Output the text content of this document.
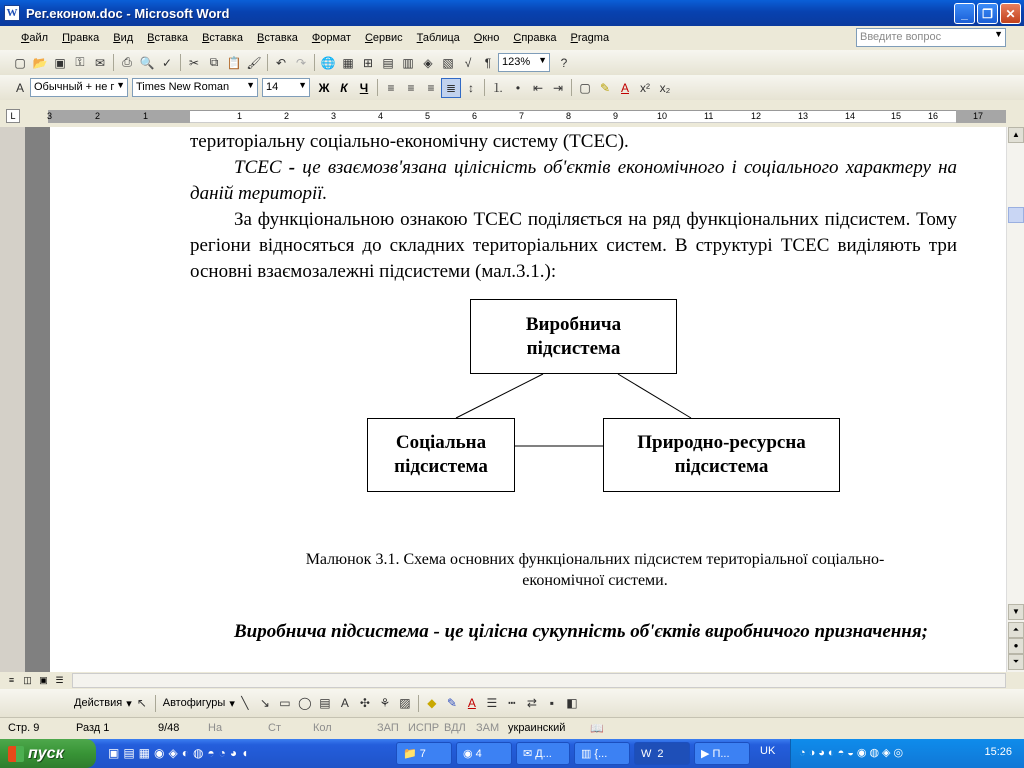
W Рег.економ.doc - Microsoft Word	_	❐	✕
Файл	Правка	Вид	Вставка	Вставка	Вставка	Формат	Сервис	Таблица	Окно	Справка	Pragma	Введите вопрос	▼
▢ 📂 ▣ ⚿ ✉	⎙ 🔍 ✓	✂ ⧉ 📋 🖌	↶ ↷	🌐 ▦ ⊞ ▤ ▥ ◈ ▧ √	¶ 123% ▼	?
A Обычный + не г ▼	Times New Roman ▼	14 ▼ Ж К	Ч	≡	≡	≡ ≣ ↕	⒈ •	⇤ ⇥	▢ ✎ A x² x₂
L	3	2	1	1	2	3	4	5	6	7	8	9	10	11	12	13	14	15	16	17
територіальну соціально-економічну систему (ТСЕС).
ТСЕС - це взаємозв'язана цілісність об'єктів економічного і соціального характеру на даній території.
За функціональною ознакою ТСЕС поділяється на ряд функціональних підсистем. Тому регіони відносяться до складних територіальних систем. В структурі ТСЕС виділяють три основні взаємозалежні підсистеми (мал.3.1.):
Виробнича
підсистема
Соціальна
підсистема
Природно-ресурсна
підсистема
Малюнок 3.1. Схема основних функціональних підсистем територіальної соціально-
економічної системи.
Виробнича підсистема - це цілісна сукупність об'єктів виробничого призначення;
▲
▼
⏶
●
⏷
≡	◫ ▣ ☰
Действия ▾ ↖	Автофигуры ▾ ╲ ↘ ▭ ◯ ▤ A ✣ ⚘ ▨	◆ ✎ A ☰ ┅ ⇄	▪	◧
Стр. 9	Разд 1	9/48	На	Ст	Кол	ЗАП ИСПР ВДЛ ЗАМ украинский 📖
пуск	▣▤▦◉◈◐◍◓◔◕◖	📁 7	◉ 4	✉ Д...	▥ {...	W 2	▶ П...	UK ◔◑◕◐◓◒◉◍◈◎	15:26
